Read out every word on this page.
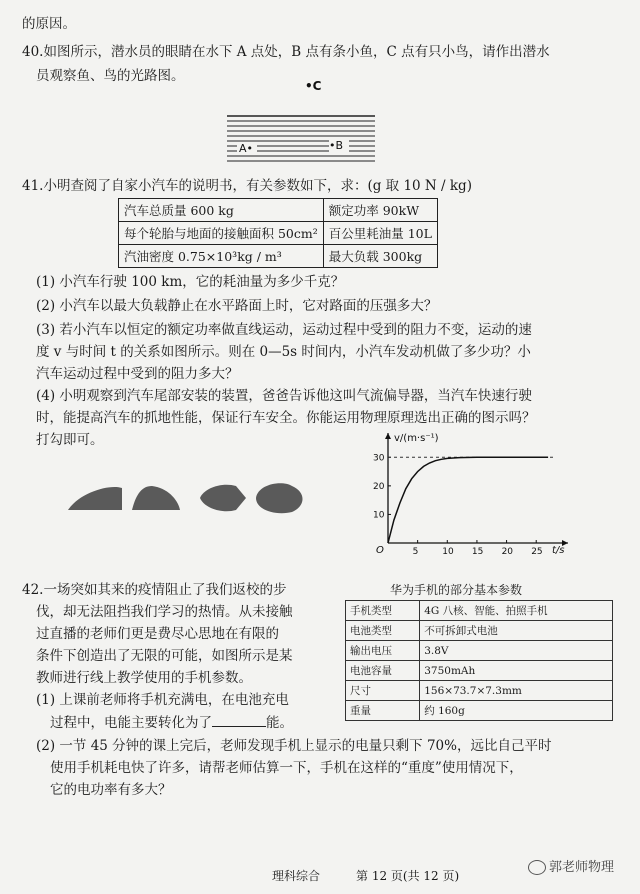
的原因。
40.如图所示，潜水员的眼睛在水下 A 点处，B 点有条小鱼，C 点有只小鸟，请作出潜水
员观察鱼、鸟的光路图。
•C
A•	•B
41.小明查阅了自家小汽车的说明书，有关参数如下，求：(g 取 10 N / kg)
汽车总质量 600 kg	额定功率 90kW
每个轮胎与地面的接触面积 50cm²	百公里耗油量 10L
汽油密度 0.75×10³kg / m³	最大负载 300kg
(1) 小汽车行驶 100 km，它的耗油量为多少千克？
(2) 小汽车以最大负载静止在水平路面上时，它对路面的压强多大？
(3) 若小汽车以恒定的额定功率做直线运动，运动过程中受到的阻力不变，运动的速
度 v 与时间 t 的关系如图所示。则在 0—5s 时间内，小汽车发动机做了多少功？小
汽车运动过程中受到的阻力多大？
(4) 小明观察到汽车尾部安装的装置，爸爸告诉他这叫气流偏导器，当汽车快速行驶
时，能提高汽车的抓地性能，保证行车安全。你能运用物理原理选出正确的图示吗？
打勾即可。
5	10 15 20 25
10
20
30
v/(m·s⁻¹)
t/s
O
42.一场突如其来的疫情阻止了我们返校的步
伐，却无法阻挡我们学习的热情。从未接触
过直播的老师们更是费尽心思地在有限的
条件下创造出了无限的可能，如图所示是某
教师进行线上教学使用的手机参数。
(1) 上课前老师将手机充满电，在电池充电
过程中，电能主要转化为了	能。
(2) 一节 45 分钟的课上完后，老师发现手机上显示的电量只剩下 70%，远比自己平时
使用手机耗电快了许多，请帮老师估算一下，手机在这样的“重度”使用情况下，
它的电功率有多大？
华为手机的部分基本参数
手机类型	4G 八核、智能、拍照手机
电池类型	不可拆卸式电池
输出电压	3.8V
电池容量	3750mAh
尺寸	156×73.7×7.3mm
重量	约 160g
理科综合	第 12 页(共 12 页)
郭老师物理
